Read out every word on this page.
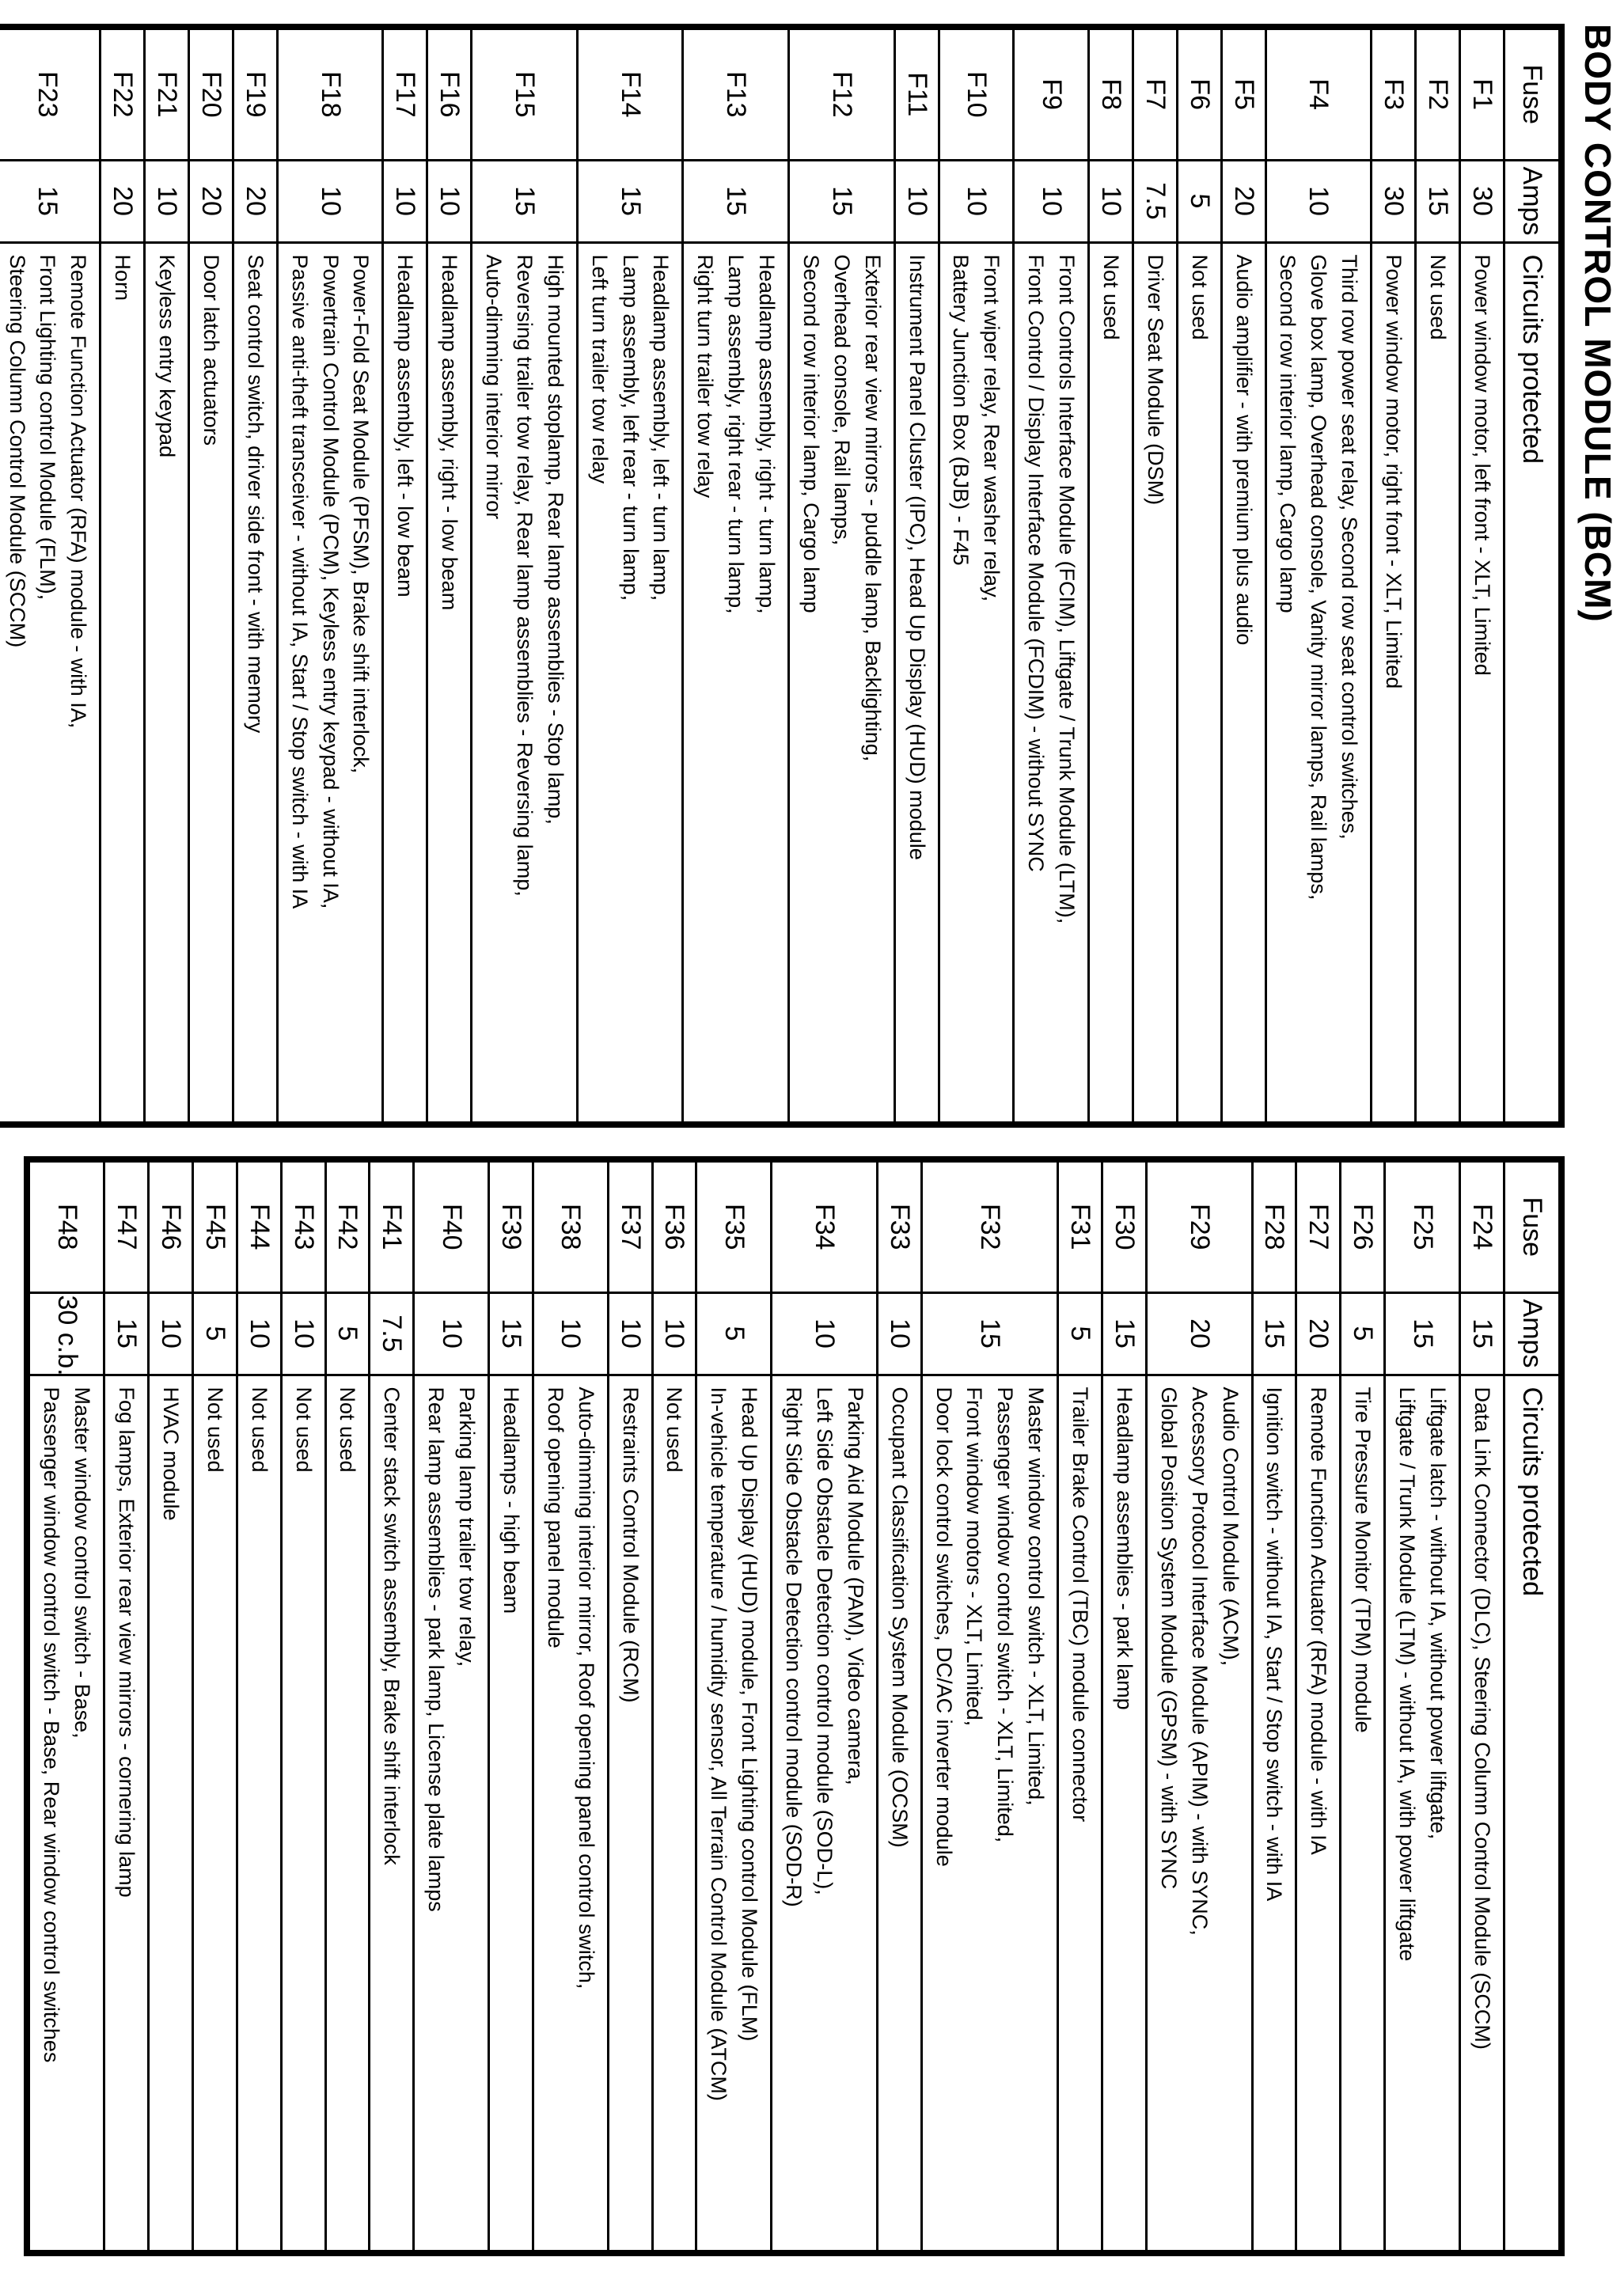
BODY CONTROL MODULE (BCM)
Fuse	Amps	Circuits protected
F1	30	Power window motor, left front - XLT, Limited

F2	15	Not used

F3	30	Power window motor, right front - XLT, Limited

F4	10	Third row power seat relay, Second row seat control switches,
Glove box lamp, Overhead console, Vanity mirror lamps, Rail lamps,
Second row interior lamp, Cargo lamp

F5	20	Audio amplifier - with premium plus audio

F6	5	Not used

F7	7.5	Driver Seat Module (DSM)

F8	10	Not used

F9	10	Front Controls Interface Module (FCIM), Liftgate / Trunk Module (LTM),
Front Control / Display Interface Module (FCDIM) - without SYNC

F10	10	Front wiper relay, Rear washer relay,
Battery Junction Box (BJB) - F45

F11	10	Instrument Panel Cluster (IPC), Head Up Display (HUD) module

F12	15	Exterior rear view mirrors - puddle lamp, Backlighting,
Overhead console, Rail lamps,
Second row interior lamp, Cargo lamp

F13	15	Headlamp assembly, right - turn lamp,
Lamp assembly, right rear - turn lamp,
Right turn trailer tow relay

F14	15	Headlamp assembly, left - turn lamp,
Lamp assembly, left rear - turn lamp,
Left turn trailer tow relay

F15	15	High mounted stoplamp, Rear lamp assemblies - Stop lamp,
Reversing trailer tow relay, Rear lamp assemblies - Reversing lamp,
Auto-dimming interior mirror

F16	10	Headlamp assembly, right - low beam

F17	10	Headlamp assembly, left - low beam

F18	10	Power-Fold Seat Module (PFSM), Brake shift interlock,
Powertrain Control Module (PCM), Keyless entry keypad - without IA,
Passive anti-theft transceiver - without IA, Start / Stop switch - with IA

F19	20	Seat control switch, driver side front - with memory

F20	20	Door latch actuators

F21	10	Keyless entry keypad

F22	20	Horn

F23	15	Remote Function Actuator (RFA) module - with IA,
Front Lighting control Module (FLM),
Steering Column Control Module (SCCM)
Fuse	Amps	Circuits protected
F24	15	Data Link Connector (DLC), Steering Column Control Module (SCCM)

F25	15	Liftgate latch - without IA, without power liftgate,
Liftgate / Trunk Module (LTM) - without IA, with power liftgate

F26	5	Tire Pressure Monitor (TPM) module

F27	20	Remote Function Actuator (RFA) module - with IA

F28	15	Ignition switch - without IA, Start / Stop switch - with IA

F29	20	Audio Control Module (ACM),
Accessory Protocol Interface Module (APIM) - with SYNC,
Global Position System Module (GPSM) - with SYNC

F30	15	Headlamp assemblies - park lamp

F31	5	Trailer Brake Control (TBC) module connector

F32	15	Master window control switch - XLT, Limited,
Passenger window control switch - XLT, Limited,
Front window motors - XLT, Limited,
Door lock control switches, DC/AC inverter module

F33	10	Occupant Classification System Module (OCSM)

F34	10	Parking Aid Module (PAM), Video camera,
Left Side Obstacle Detection control module (SOD-L),
Right Side Obstacle Detection control module (SOD-R)

F35	5	Head Up Display (HUD) module, Front Lighting control Module (FLM)
In-vehicle temperature / humidity sensor, All Terrain Control Module (ATCM)

F36	10	Not used

F37	10	Restraints Control Module (RCM)

F38	10	Auto-dimming interior mirror, Roof opening panel control switch,
Roof opening panel module

F39	15	Headlamps - high beam

F40	10	Parking lamp trailer tow relay,
Rear lamp assemblies - park lamp, License plate lamps

F41	7.5	Center stack switch assembly, Brake shift interlock

F42	5	Not used

F43	10	Not used

F44	10	Not used

F45	5	Not used

F46	10	HVAC module

F47	15	Fog lamps, Exterior rear view mirrors - cornering lamp

F48	30 c.b.	Master window control switch - Base,
Passenger window control switch - Base, Rear window control switches
